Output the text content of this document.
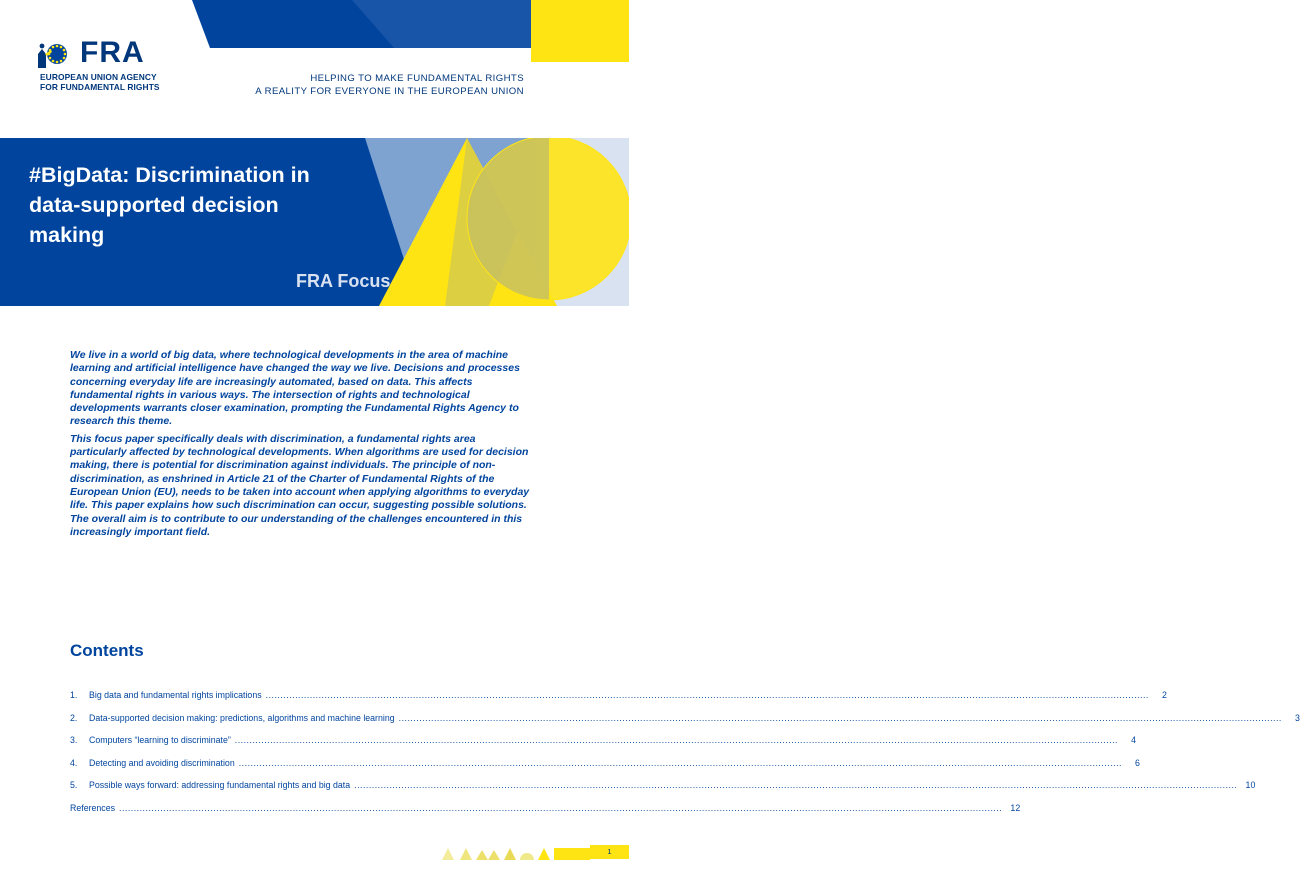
FRA
EUROPEAN UNION AGENCY
FOR FUNDAMENTAL RIGHTS
HELPING TO MAKE FUNDAMENTAL RIGHTS
A REALITY FOR EVERYONE IN THE EUROPEAN UNION
#BigData: Discrimination in data-supported decision making
FRA Focus

We live in a world of big data, where technological developments in the area of machine learning and artificial intelligence have changed the way we live. Decisions and processes concerning everyday life are increasingly automated, based on data. This affects fundamental rights in various ways. The intersection of rights and technological developments warrants closer examination, prompting the Fundamental Rights Agency to research this theme.

This focus paper specifically deals with discrimination, a fundamental rights area particularly affected by technological developments. When algorithms are used for decision making, there is potential for discrimination against individuals. The principle of non-discrimination, as enshrined in Article 21 of the Charter of Fundamental Rights of the European Union (EU), needs to be taken into account when applying algorithms to everyday life. This paper explains how such discrimination can occur, suggesting possible solutions. The overall aim is to contribute to our understanding of the challenges encountered in this increasingly important field.

Contents
1.	Big data and fundamental rights implications ............................................................................................................................................................................................................................................................................................................	2
2.	Data-supported decision making: predictions, algorithms and machine learning ............................................................................................................................................................................................................................................................................................................	3
3.	Computers “learning to discriminate” ............................................................................................................................................................................................................................................................................................................	4
4.	Detecting and avoiding discrimination ............................................................................................................................................................................................................................................................................................................	6
5.	Possible ways forward: addressing fundamental rights and big data ............................................................................................................................................................................................................................................................................................................ 10
References ............................................................................................................................................................................................................................................................................................................ 12
1
